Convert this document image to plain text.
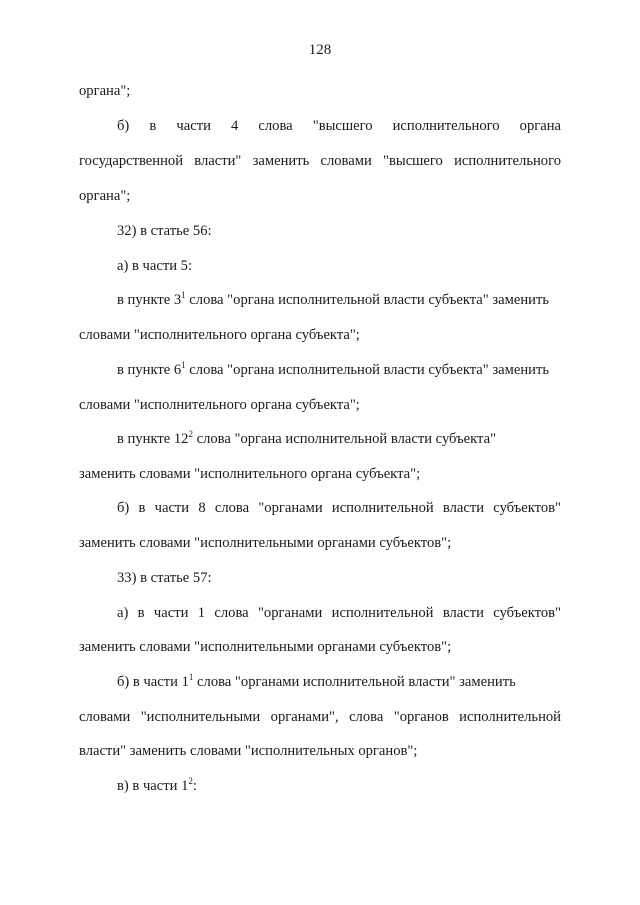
128
органа";
б) в части 4 слова "высшего исполнительного органа
государственной власти" заменить словами "высшего исполнительного
органа";
32) в статье 56:
а) в части 5:
в пункте $3^1$ слова "органа исполнительной власти субъекта" заменить
словами "исполнительного органа субъекта";
в пункте $6^1$ слова "органа исполнительной власти субъекта" заменить
словами "исполнительного органа субъекта";
в пункте $12^2$ слова "органа исполнительной власти субъекта"
заменить словами "исполнительного органа субъекта";
б) в части 8 слова "органами исполнительной власти субъектов"
заменить словами "исполнительными органами субъектов";
33) в статье 57:
а) в части 1 слова "органами исполнительной власти субъектов"
заменить словами "исполнительными органами субъектов";
б) в части $1^1$ слова "органами исполнительной власти" заменить
словами "исполнительными органами", слова "органов исполнительной
власти" заменить словами "исполнительных органов";
в) в части $1^2$:
